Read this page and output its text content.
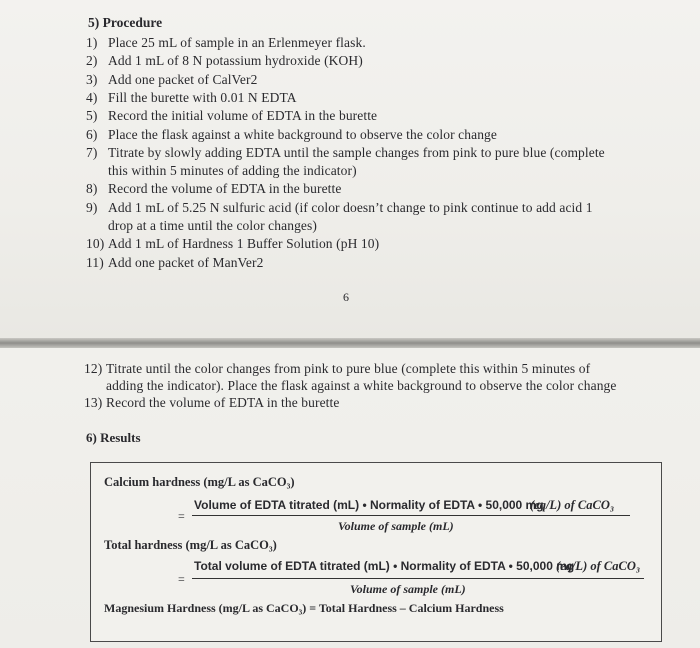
5) Procedure
1) Place 25 mL of sample in an Erlenmeyer flask.
2) Add 1 mL of 8 N potassium hydroxide (KOH)
3) Add one packet of CalVer2
4) Fill the burette with 0.01 N EDTA
5) Record the initial volume of EDTA in the burette
6) Place the flask against a white background to observe the color change
7) Titrate by slowly adding EDTA until the sample changes from pink to pure blue (complete
this within 5 minutes of adding the indicator)
8) Record the volume of EDTA in the burette
9) Add 1 mL of 5.25 N sulfuric acid (if color doesn’t change to pink continue to add acid 1
drop at a time until the color changes)
10) Add 1 mL of Hardness 1 Buffer Solution (pH 10)
11) Add one packet of ManVer2
6
12) Titrate until the color changes from pink to pure blue (complete this within 5 minutes of
adding the indicator). Place the flask against a white background to observe the color change
13) Record the volume of EDTA in the burette
6) Results
Calcium hardness (mg/L as CaCO₃)
=
Volume of EDTA titrated (mL) • Normality of EDTA • 50,000 mg
(eq/L) of CaCO₃
Volume of sample (mL)
Total hardness (mg/L as CaCO₃)
=
Total volume of EDTA titrated (mL) • Normality of EDTA • 50,000 mg
(eq/L) of CaCO₃
Volume of sample (mL)
Magnesium Hardness (mg/L as CaCO₃) = Total Hardness – Calcium Hardness
